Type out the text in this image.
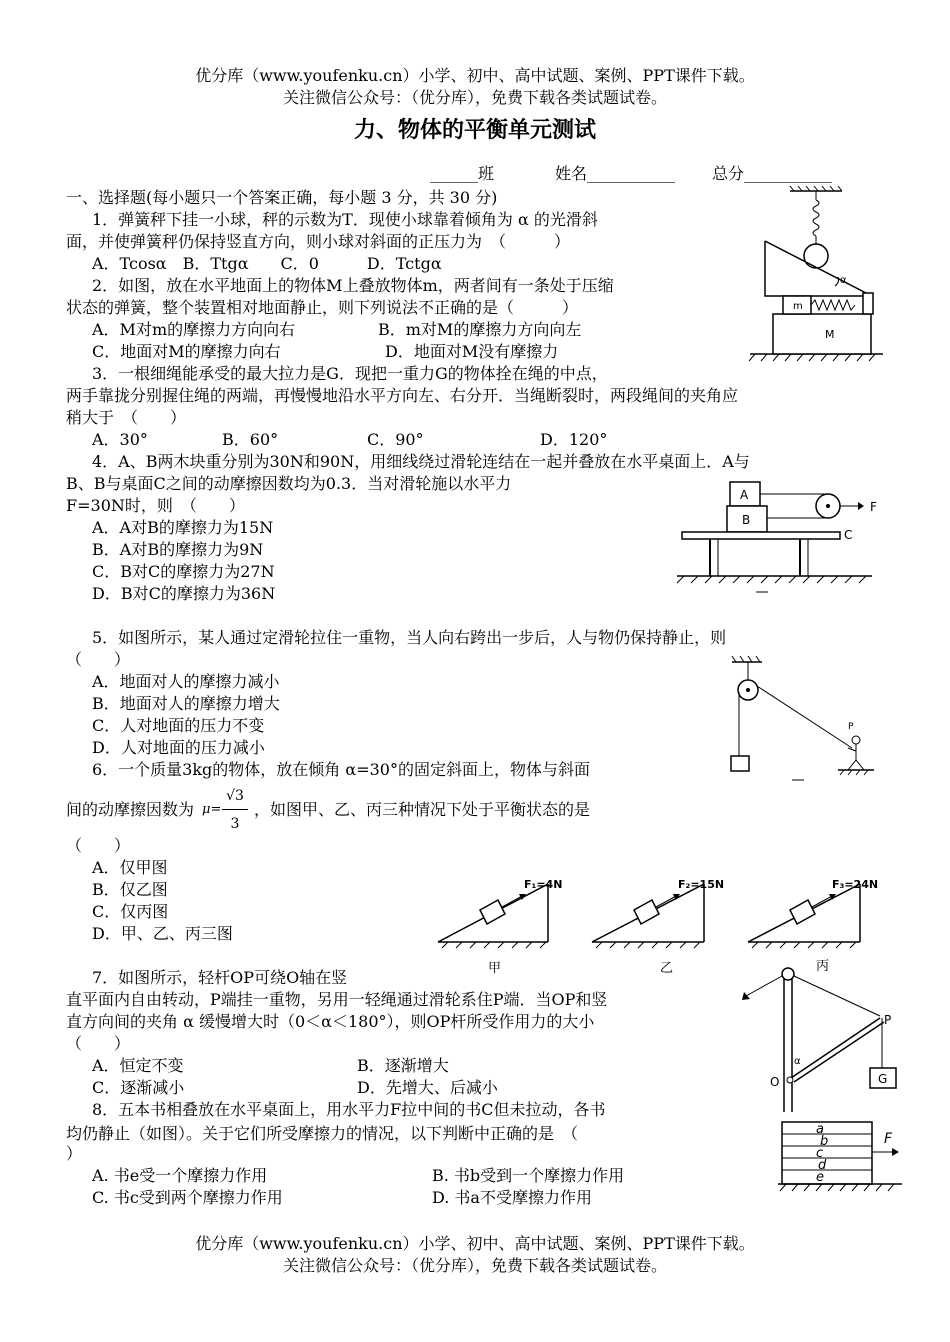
优分库（www.youfenku.cn）小学、初中、高中试题、案例、PPT课件下载。
关注微信公众号：（优分库），免费下载各类试题试卷。
力、物体的平衡单元测试
______班	姓名___________ 总分___________
一、选择题(每小题只一个答案正确，每小题 3 分，共 30 分)
1．弹簧秤下挂一小球，秤的示数为T．现使小球靠着倾角为 α 的光滑斜
面，并使弹簧秤仍保持竖直方向，则小球对斜面的正压力为　（　　　）
A．Tcosα　B．Ttgα　　C．0　　　D．Tctgα
2．如图，放在水平地面上的物体M上叠放物体m，两者间有一条处于压缩
状态的弹簧，整个装置相对地面静止，则下列说法不正确的是（　　　）
A．M对m的摩擦力方向向右	B．m对M的摩擦力方向向左
C．地面对M的摩擦力向右	D．地面对M没有摩擦力
3．一根细绳能承受的最大拉力是G．现把一重力G的物体拴在绳的中点，
两手靠拢分别握住绳的两端，再慢慢地沿水平方向左、右分开．当绳断裂时，两段绳间的夹角应
稍大于　（　　）
A．30°	B．60°	C．90°	D．120°
4．A、B两木块重分别为30N和90N，用细线绕过滑轮连结在一起并叠放在水平桌面上．A与
B、B与桌面C之间的动摩擦因数均为0.3．当对滑轮施以水平力
F=30N时，则　（　　）
A．A对B的摩擦力为15N
B．A对B的摩擦力为9N
C．B对C的摩擦力为27N
D．B对C的摩擦力为36N
5．如图所示，某人通过定滑轮拉住一重物，当人向右跨出一步后，人与物仍保持静止，则
（　　）
A．地面对人的摩擦力减小
B．地面对人的摩擦力增大
C．人对地面的压力不变
D．人对地面的压力减小
6．一个质量3kg的物体，放在倾角 α=30°的固定斜面上，物体与斜面
间的动摩擦因数为 μ=
√3
3
，如图甲、乙、丙三种情况下处于平衡状态的是
（　　）
A．仅甲图
B．仅乙图
C．仅丙图
D．甲、乙、丙三图
7．如图所示，轻杆OP可绕O轴在竖
直平面内自由转动，P端挂一重物，另用一轻绳通过滑轮系住P端．当OP和竖
直方向间的夹角 α 缓慢增大时（0＜α＜180°），则OP杆所受作用力的大小
（　　）
A．恒定不变	B．逐渐增大
C．逐渐减小	D．先增大、后减小
8．五本书相叠放在水平桌面上，用水平力F拉中间的书C但未拉动，各书
均仍静止（如图）。关于它们所受摩擦力的情况，以下判断中正确的是　（
）
A. 书e受一个摩擦力作用	B. 书b受到一个摩擦力作用
C. 书c受到两个摩擦力作用	D. 书a不受摩擦力作用
优分库（www.youfenku.cn）小学、初中、高中试题、案例、PPT课件下载。
关注微信公众号：（优分库），免费下载各类试题试卷。
α
m
M
A
B
F
C
P
F₁=4N
甲
F₂=15N
乙
F₃=24N
丙
P
O
α
G
a
b
c
d
e
F
